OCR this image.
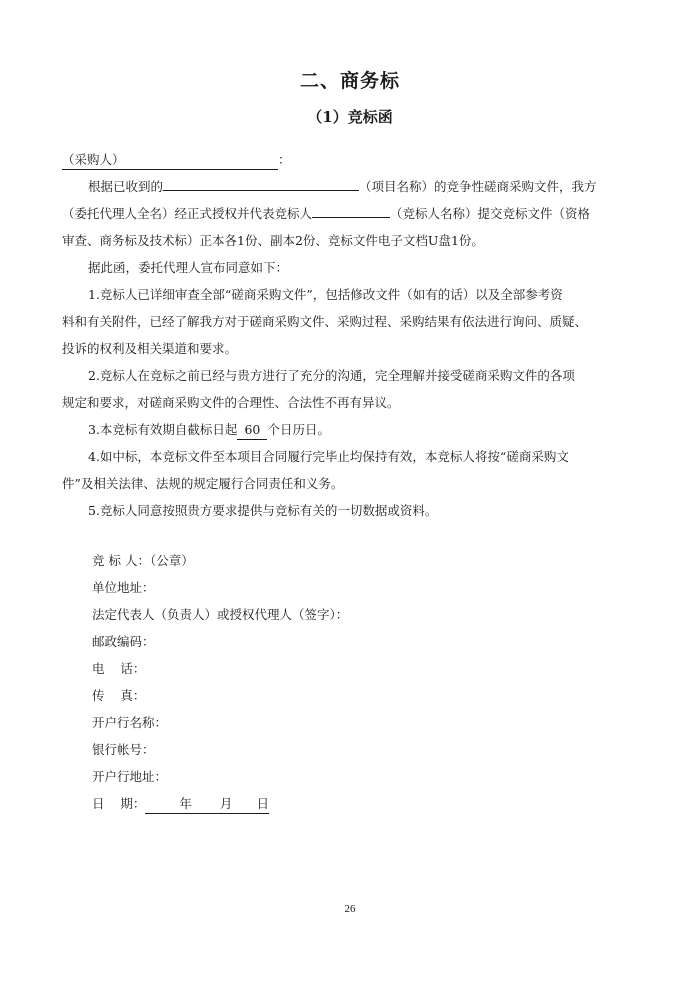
二、商务标
（1）竞标函
（采购人）	：
根据已收到的	（项目名称）的竞争性磋商采购文件，我方
（委托代理人全名）经正式授权并代表竞标人	（竞标人名称）提交竞标文件（资格
审查、商务标及技术标）正本各1份、副本2份、竞标文件电子文档U盘1份。
据此函，委托代理人宣布同意如下：
1.竞标人已详细审查全部“磋商采购文件”，包括修改文件（如有的话）以及全部参考资
料和有关附件，已经了解我方对于磋商采购文件、采购过程、采购结果有依法进行询问、质疑、
投诉的权利及相关渠道和要求。
2.竞标人在竞标之前已经与贵方进行了充分的沟通，完全理解并接受磋商采购文件的各项
规定和要求，对磋商采购文件的合理性、合法性不再有异议。
3.本竞标有效期自截标日起 60 个日历日。
4.如中标，本竞标文件至本项目合同履行完毕止均保持有效，本竞标人将按“磋商采购文
件”及相关法律、法规的规定履行合同责任和义务。
5.竞标人同意按照贵方要求提供与竞标有关的一切数据或资料。
竞 标 人：（公章）
单位地址：
法定代表人（负责人）或授权代理人（签字）：
邮政编码：
电    话：
传    真：
开户行名称：
银行帐号：
开户行地址：
日    期：	年 月 日
26
